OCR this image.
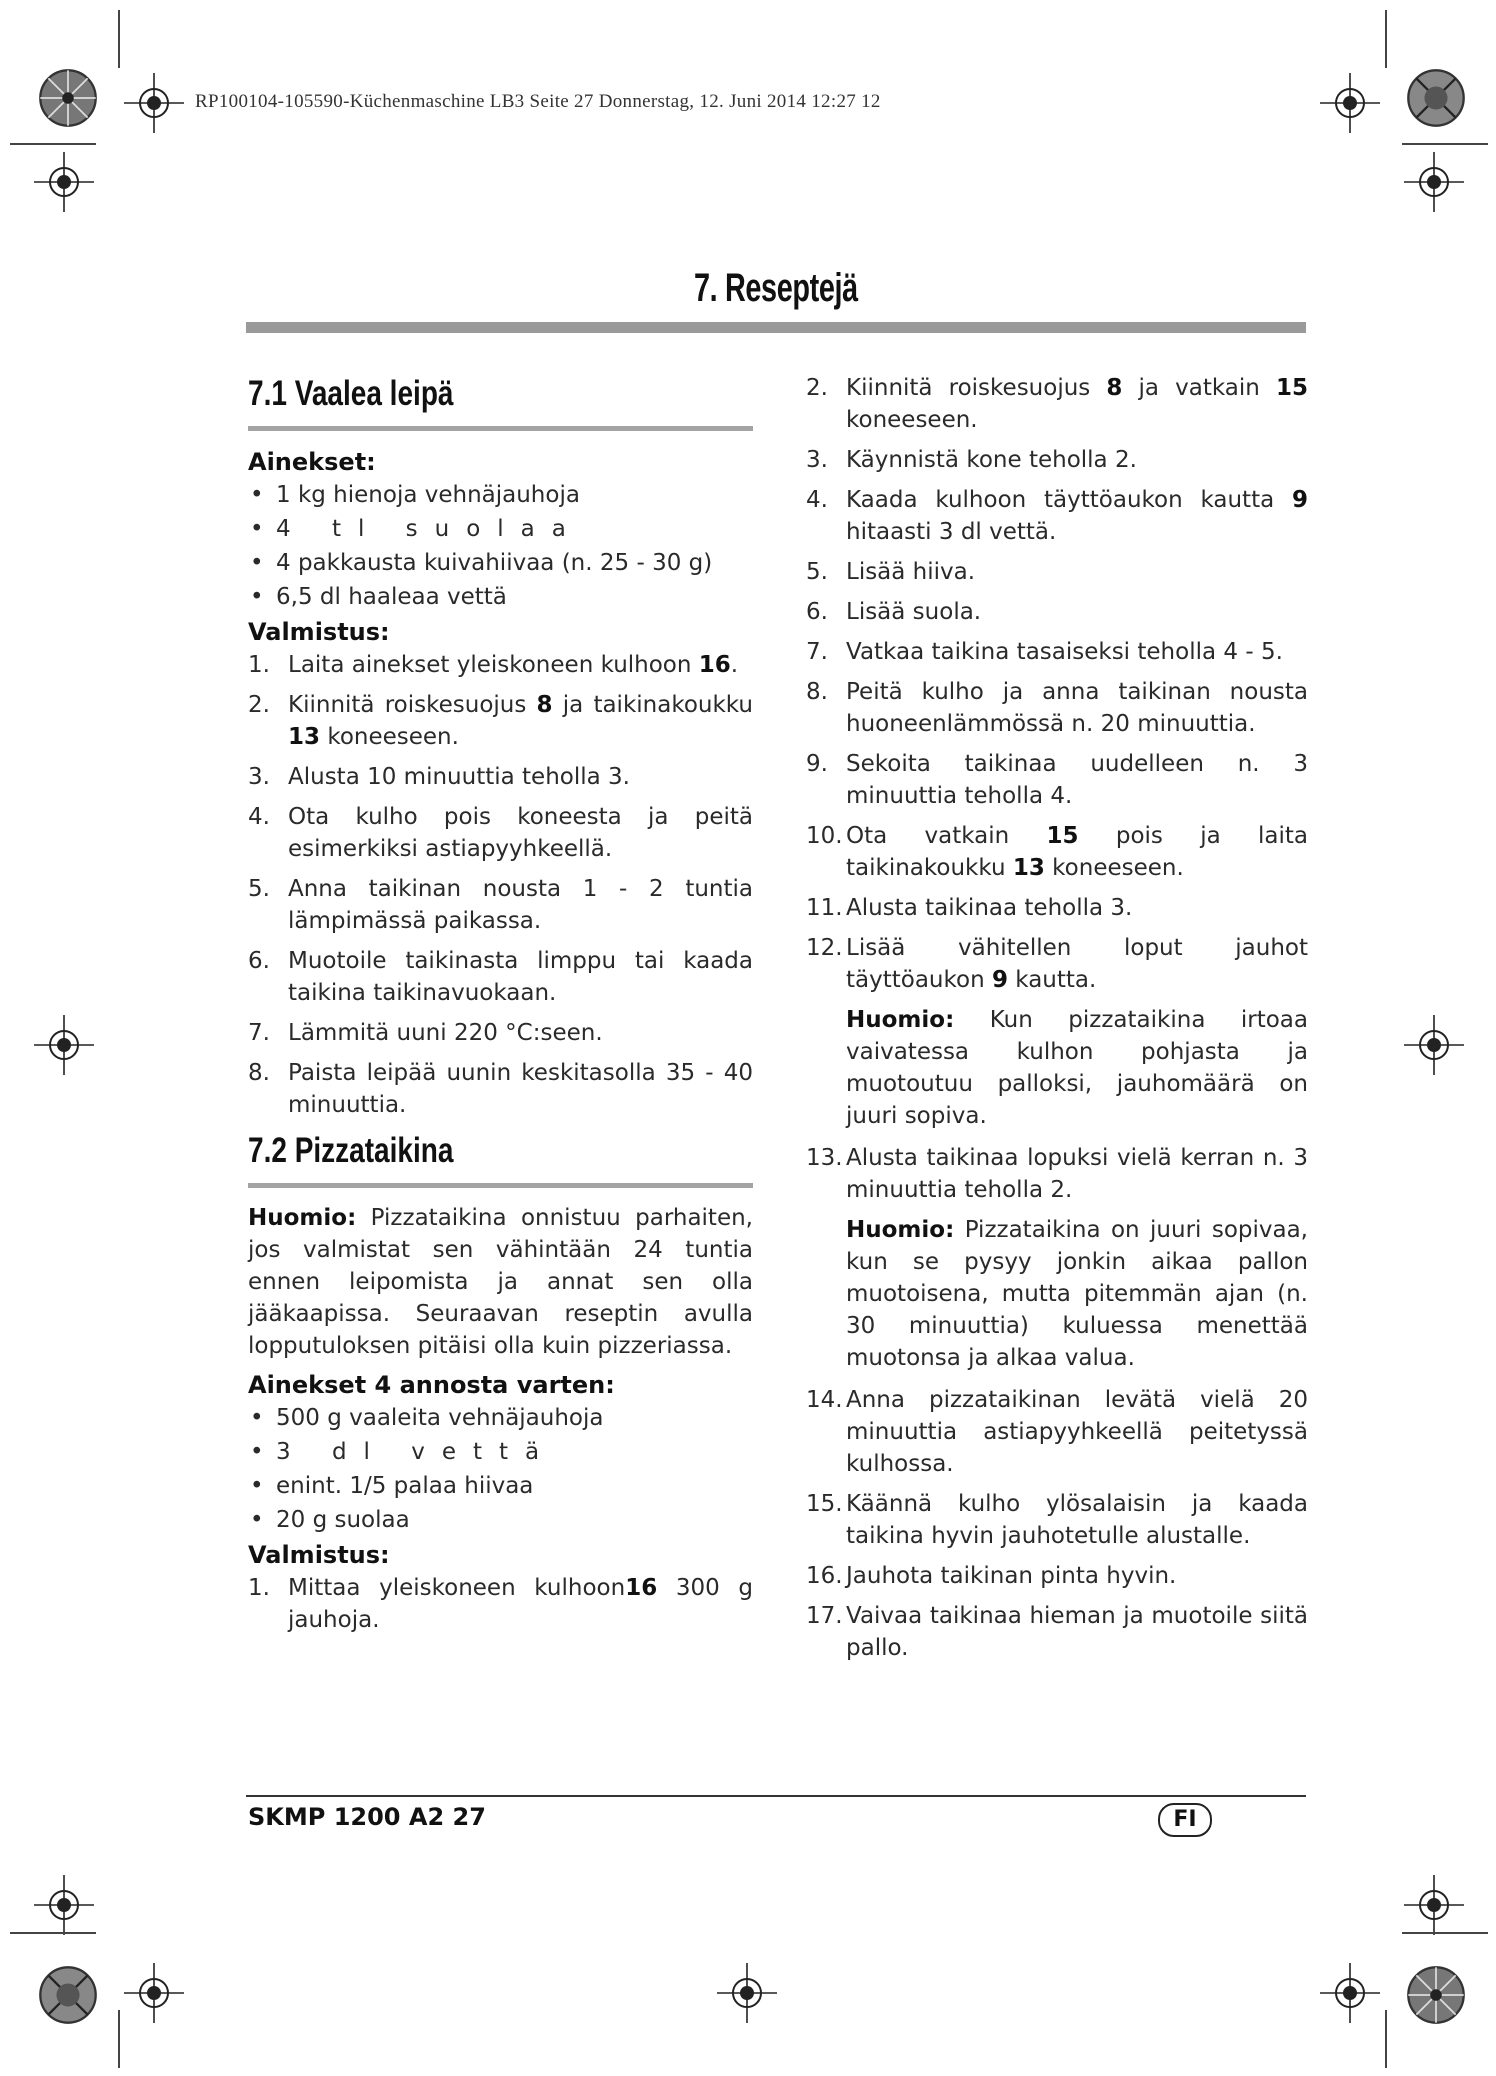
RP100104-105590-Küchenmaschine LB3 Seite 27 Donnerstag, 12. Juni 2014 12:27 12
7. Reseptejä
7.1 Vaalea leipä
Ainekset:
• 1 kg hienoja vehnäjauhoja
• 4 tl suolaa
• 4 pakkausta kuivahiivaa (n. 25 - 30 g)
• 6,5 dl haaleaa vettä
Valmistus:
1. Laita ainekset yleiskoneen kulhoon 16.
2. Kiinnitä roiskesuojus 8 ja taikinakoukku 13 koneeseen.
3. Alusta 10 minuuttia teholla 3.
4. Ota kulho pois koneesta ja peitä esimerkiksi astiapyyhkeellä.
5. Anna taikinan nousta 1 - 2 tuntia lämpimässä paikassa.
6. Muotoile taikinasta limppu tai kaada taikina taikinavuokaan.
7. Lämmitä uuni 220 °C:seen.
8. Paista leipää uunin keskitasolla 35 - 40 minuuttia.
7.2 Pizzataikina

Huomio: Pizzataikina onnistuu parhaiten, jos valmistat sen vähintään 24 tuntia ennen leipomista ja annat sen olla jääkaapissa. Seuraavan reseptin avulla lopputuloksen pitäisi olla kuin pizzeriassa.

Ainekset 4 annosta varten:
• 500 g vaaleita vehnäjauhoja
• 3 dl vettä
• enint. 1/5 palaa hiivaa
• 20 g suolaa
Valmistus:
1. Mittaa yleiskoneen kulhoon16 300 g jauhoja.
2. Kiinnitä roiskesuojus 8 ja vatkain 15 koneeseen.
3. Käynnistä kone teholla 2.
4. Kaada kulhoon täyttöaukon kautta 9 hitaasti 3 dl vettä.
5. Lisää hiiva.
6. Lisää suola.
7. Vatkaa taikina tasaiseksi teholla 4 - 5.
8. Peitä kulho ja anna taikinan nousta huoneenlämmössä n. 20 minuuttia.
9. Sekoita taikinaa uudelleen n. 3 minuuttia teholla 4.
10. Ota vatkain 15 pois ja laita taikinakoukku 13 koneeseen.
11. Alusta taikinaa teholla 3.
12. Lisää vähitellen loput jauhot täyttöaukon 9 kautta.

Huomio: Kun pizzataikina irtoaa vaivatessa kulhon pohjasta ja muotoutuu palloksi, jauhomäärä on juuri sopiva.

13. Alusta taikinaa lopuksi vielä kerran n. 3 minuuttia teholla 2.

Huomio: Pizzataikina on juuri sopivaa, kun se pysyy jonkin aikaa pallon muotoisena, mutta pitemmän ajan (n. 30 minuuttia) kuluessa menettää muotonsa ja alkaa valua.

14. Anna pizzataikinan levätä vielä 20 minuuttia astiapyyhkeellä peitetyssä kulhossa.
15. Käännä kulho ylösalaisin ja kaada taikina hyvin jauhotetulle alustalle.
16. Jauhota taikinan pinta hyvin.
17. Vaivaa taikinaa hieman ja muotoile siitä pallo.
SKMP 1200 A2 27	FI
